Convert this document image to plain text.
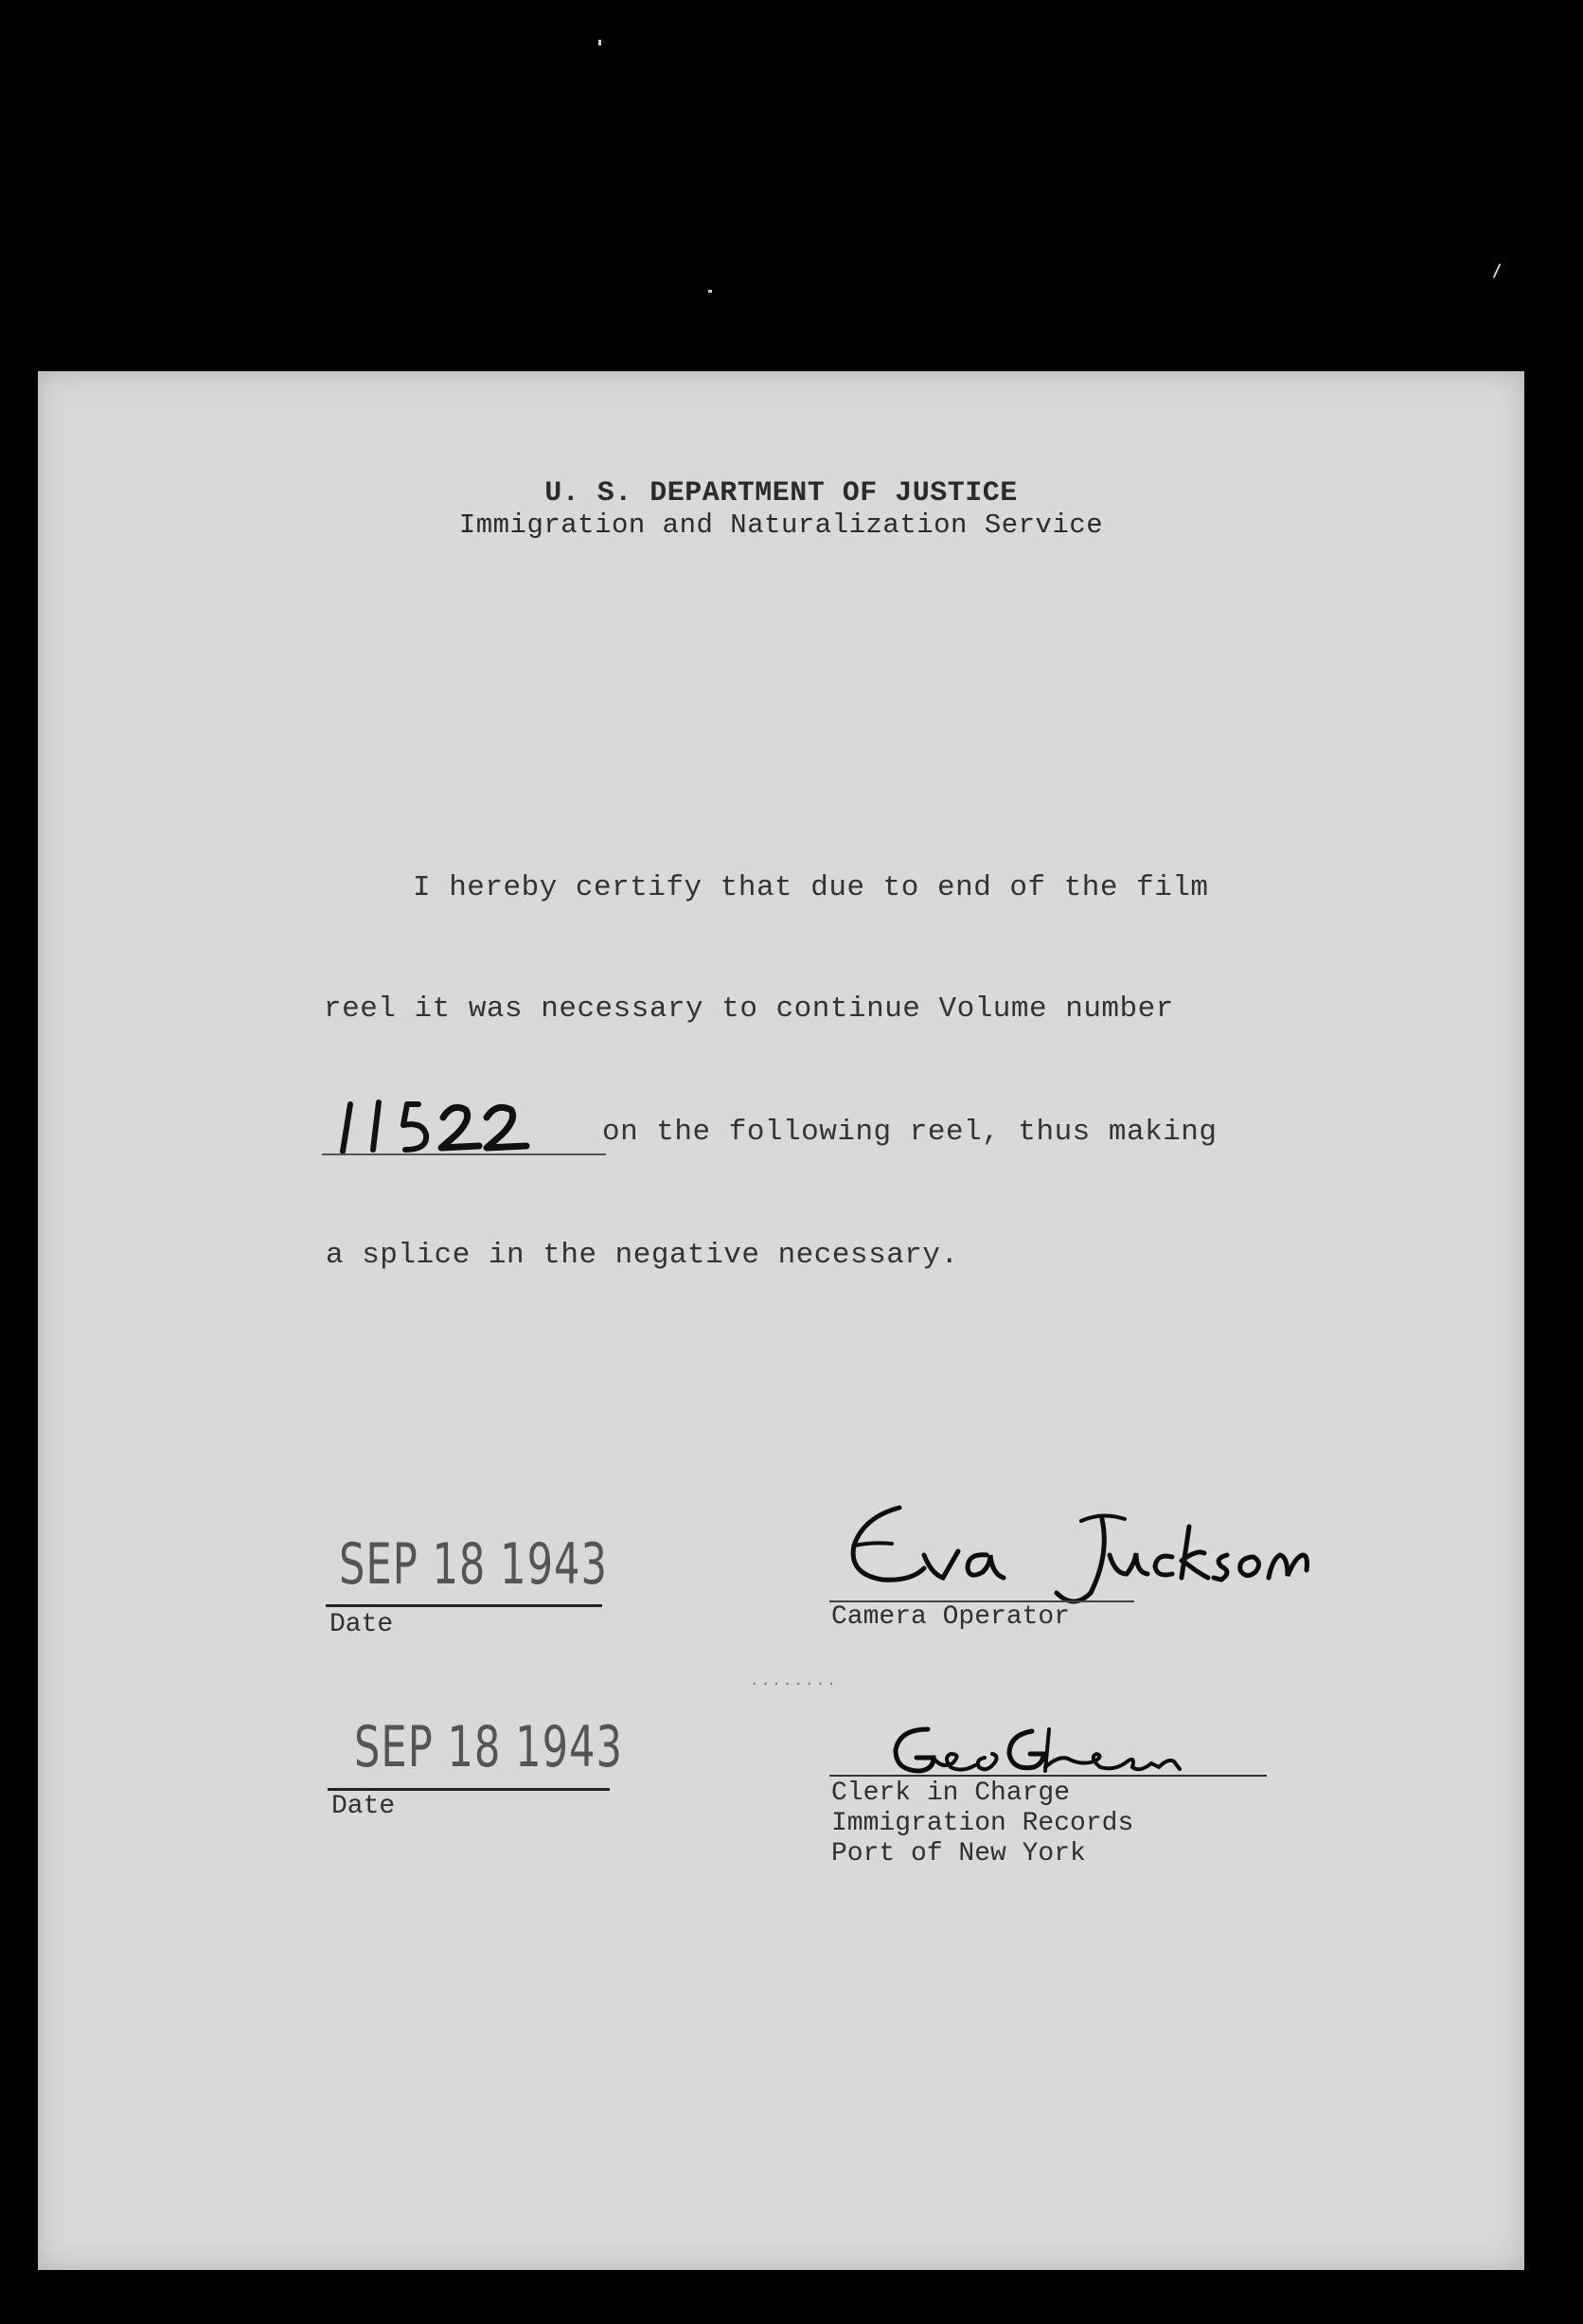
U. S. DEPARTMENT OF JUSTICE
Immigration and Naturalization Service
I hereby certify that due to end of the film
reel it was necessary to continue Volume number
on the following reel, thus making
a splice in the negative necessary.
SEP 18 1943
Date	Camera Operator
........
SEP 18 1943
Date	Clerk in Charge
Immigration Records
Port of New York
